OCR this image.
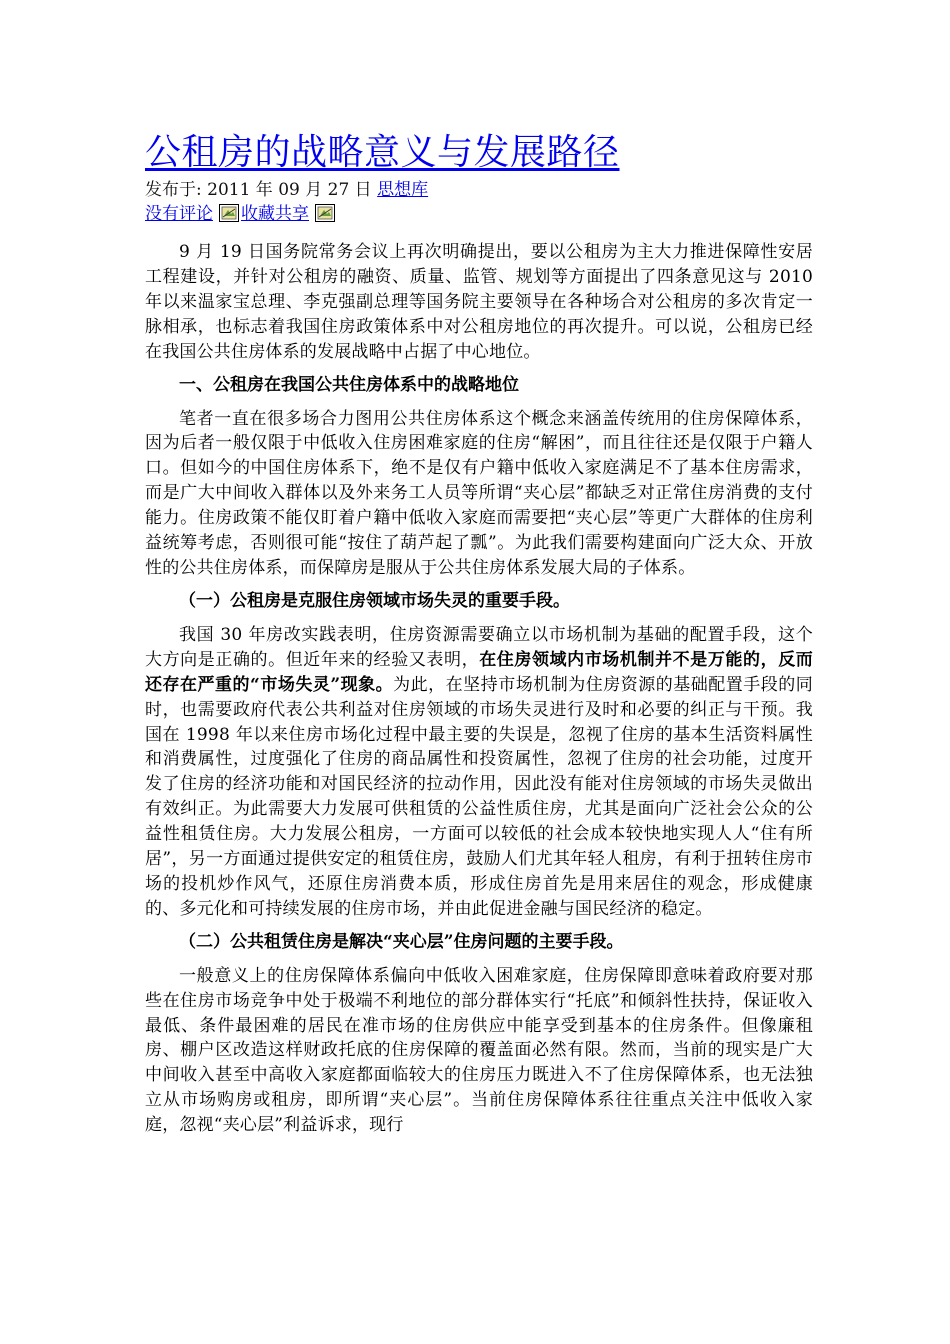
公租房的战略意义与发展路径
发布于: 2011 年 09 月 27 日 思想库
没有评论 收藏共享

9 月 19 日国务院常务会议上再次明确提出，要以公租房为主大力推进保障性安居工程建设，并针对公租房的融资、质量、监管、规划等方面提出了四条意见这与 2010 年以来温家宝总理、李克强副总理等国务院主要领导在各种场合对公租房的多次肯定一脉相承，也标志着我国住房政策体系中对公租房地位的再次提升。可以说，公租房已经在我国公共住房体系的发展战略中占据了中心地位。

一、公租房在我国公共住房体系中的战略地位

笔者一直在很多场合力图用公共住房体系这个概念来涵盖传统用的住房保障体系，因为后者一般仅限于中低收入住房困难家庭的住房“解困”，而且往往还是仅限于户籍人口。但如今的中国住房体系下，绝不是仅有户籍中低收入家庭满足不了基本住房需求，而是广大中间收入群体以及外来务工人员等所谓“夹心层”都缺乏对正常住房消费的支付能力。住房政策不能仅盯着户籍中低收入家庭而需要把“夹心层”等更广大群体的住房利益统筹考虑，否则很可能“按住了葫芦起了瓢”。为此我们需要构建面向广泛大众、开放性的公共住房体系，而保障房是服从于公共住房体系发展大局的子体系。

（一）公租房是克服住房领域市场失灵的重要手段。

我国 30 年房改实践表明，住房资源需要确立以市场机制为基础的配置手段，这个大方向是正确的。但近年来的经验又表明，在住房领域内市场机制并不是万能的，反而还存在严重的“市场失灵”现象。为此，在坚持市场机制为住房资源的基础配置手段的同时，也需要政府代表公共利益对住房领域的市场失灵进行及时和必要的纠正与干预。我国在 1998 年以来住房市场化过程中最主要的失误是，忽视了住房的基本生活资料属性和消费属性，过度强化了住房的商品属性和投资属性，忽视了住房的社会功能，过度开发了住房的经济功能和对国民经济的拉动作用，因此没有能对住房领域的市场失灵做出有效纠正。为此需要大力发展可供租赁的公益性质住房，尤其是面向广泛社会公众的公益性租赁住房。大力发展公租房，一方面可以较低的社会成本较快地实现人人“住有所居”，另一方面通过提供安定的租赁住房，鼓励人们尤其年轻人租房，有利于扭转住房市场的投机炒作风气，还原住房消费本质，形成住房首先是用来居住的观念，形成健康的、多元化和可持续发展的住房市场，并由此促进金融与国民经济的稳定。

（二）公共租赁住房是解决“夹心层”住房问题的主要手段。

一般意义上的住房保障体系偏向中低收入困难家庭，住房保障即意味着政府要对那些在住房市场竞争中处于极端不利地位的部分群体实行“托底”和倾斜性扶持，保证收入最低、条件最困难的居民在准市场的住房供应中能享受到基本的住房条件。但像廉租房、棚户区改造这样财政托底的住房保障的覆盖面必然有限。然而，当前的现实是广大中间收入甚至中高收入家庭都面临较大的住房压力既进入不了住房保障体系，也无法独立从市场购房或租房，即所谓“夹心层”。当前住房保障体系往往重点关注中低收入家庭，忽视“夹心层”利益诉求，现行
